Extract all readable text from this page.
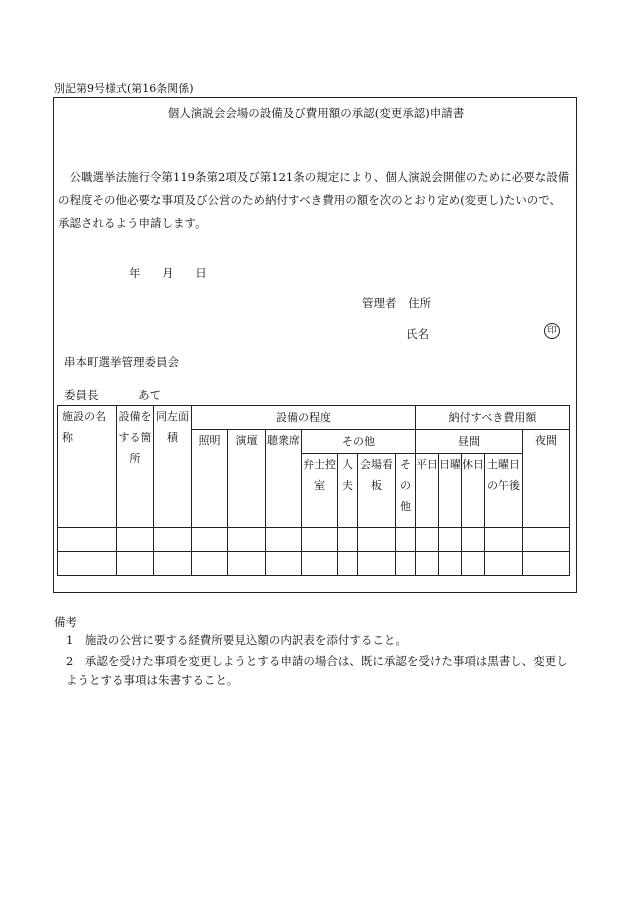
別記第9号様式(第16条関係)
個人演説会会場の設備及び費用額の承認(変更承認)申請書
　公職選挙法施行令第119条第2項及び第121条の規定により、個人演説会開催のために必要な設備の程度その他必要な事項及び公営のため納付すべき費用の額を次のとおり定め(変更し)たいので、承認されるよう申請します。
年 月 日
管理者 住所
氏名	印
串本町選挙管理委員会
委員長 あて
施設の名称	設備をする箇所	同左面積	設備の程度							納付すべき費用額				
			照明	演壇	聴衆席	その他				昼間				夜間
						弁士控室	人夫	会場看板	その他	平日	日曜	休日	土曜日の午後	

備考
1　施設の公営に要する経費所要見込額の内訳表を添付すること。
2　承認を受けた事項を変更しようとする申請の場合は、既に承認を受けた事項は黒書し、変更しようとする事項は朱書すること。
